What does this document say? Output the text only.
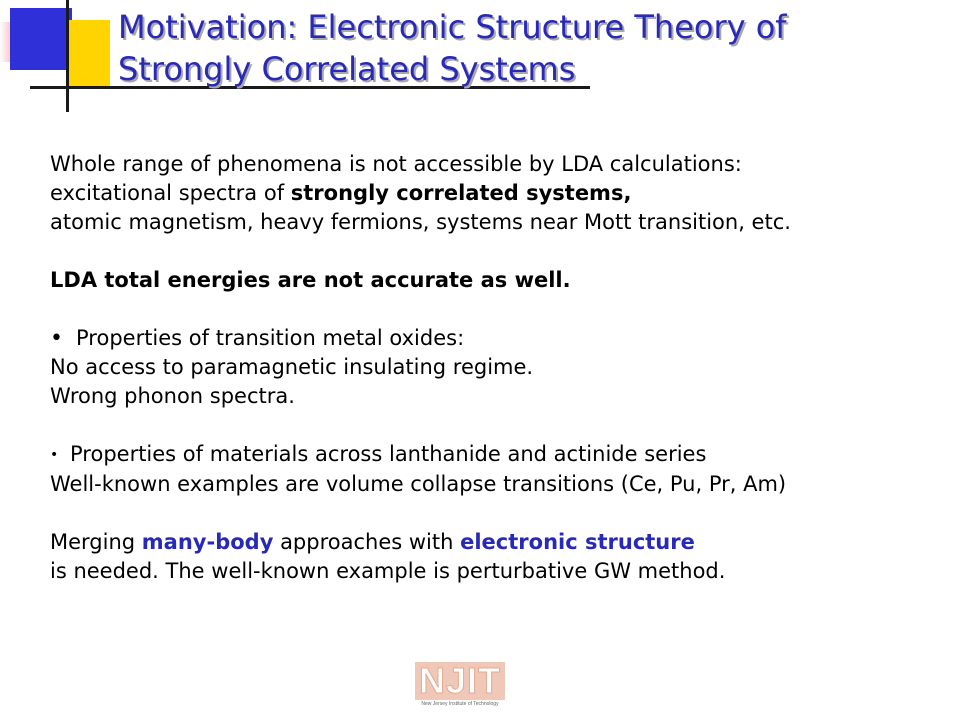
Motivation: Electronic Structure Theory of
Strongly Correlated Systems
Whole range of phenomena is not accessible by LDA calculations:
excitational spectra of strongly correlated systems,
atomic magnetism, heavy fermions, systems near Mott transition, etc.
LDA total energies are not accurate as well.
• Properties of transition metal oxides:
No access to paramagnetic insulating regime.
Wrong phonon spectra.
• Properties of materials across lanthanide and actinide series
Well-known examples are volume collapse transitions (Ce, Pu, Pr, Am)
Merging many-body approaches with electronic structure
is needed. The well-known example is perturbative GW method.
NJIT
New Jersey Institute of Technology
